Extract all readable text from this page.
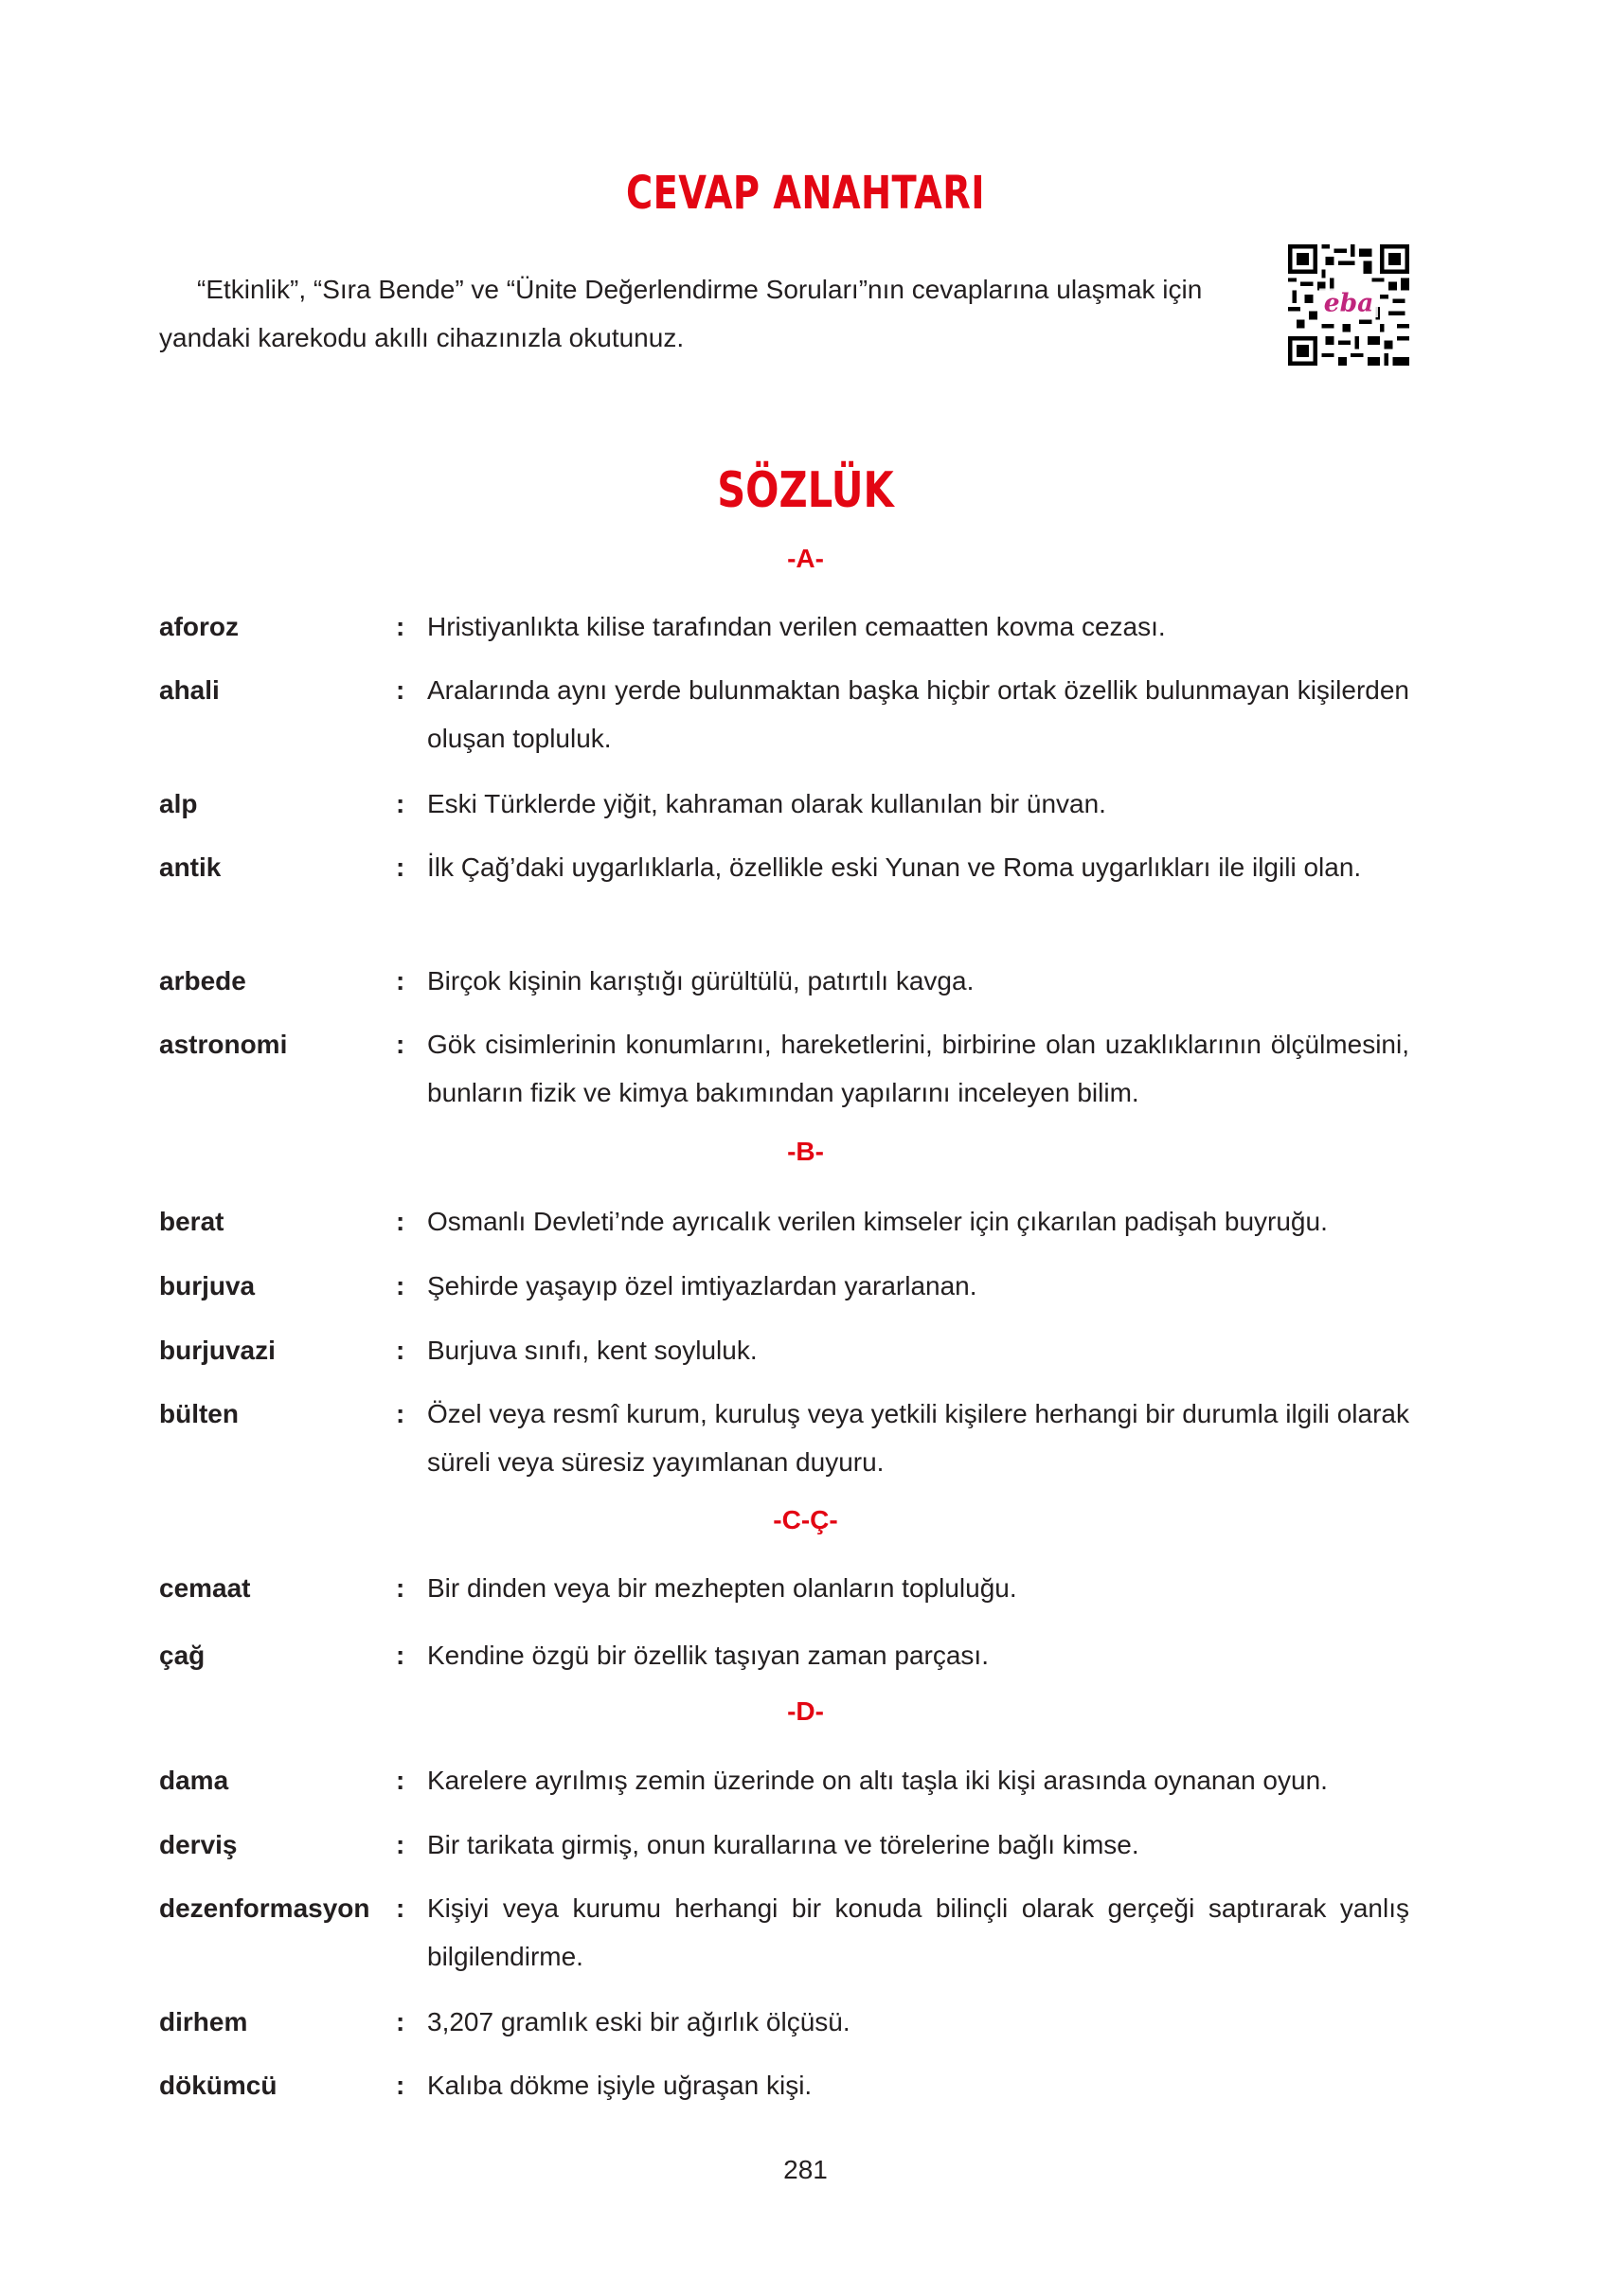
CEVAP ANAHTARI

“Etkinlik”, “Sıra Bende” ve “Ünite Değerlendirme Soruları”nın cevaplarına ulaşmak için yandaki karekodu akıllı cihazınızla okutunuz.

eba
SÖZLÜK
-A-
aforoz	: Hristiyanlıkta kilise tarafından verilen cemaatten kovma cezası.
ahali	: Aralarında aynı yerde bulunmaktan başka hiçbir ortak özellik bulunmayan kişilerden oluşan topluluk.
alp	: Eski Türklerde yiğit, kahraman olarak kullanılan bir ünvan.
antik	: İlk Çağ’daki uygarlıklarla, özellikle eski Yunan ve Roma uygarlıkları ile ilgili olan.
arbede	: Birçok kişinin karıştığı gürültülü, patırtılı kavga.
astronomi	: Gök cisimlerinin konumlarını, hareketlerini, birbirine olan uzaklıklarının ölçülmesini, bunların fizik ve kimya bakımından yapılarını inceleyen bilim.
-B-
berat	: Osmanlı Devleti’nde ayrıcalık verilen kimseler için çıkarılan padişah buyruğu.
burjuva	: Şehirde yaşayıp özel imtiyazlardan yararlanan.
burjuvazi	: Burjuva sınıfı, kent soyluluk.
bülten	: Özel veya resmî kurum, kuruluş veya yetkili kişilere herhangi bir durumla ilgili olarak süreli veya süresiz yayımlanan duyuru.
-C-Ç-
cemaat	: Bir dinden veya bir mezhepten olanların topluluğu.
çağ	: Kendine özgü bir özellik taşıyan zaman parçası.
-D-
dama	: Karelere ayrılmış zemin üzerinde on altı taşla iki kişi arasında oynanan oyun.
derviş	: Bir tarikata girmiş, onun kurallarına ve törelerine bağlı kimse.
dezenformasyon : Kişiyi veya kurumu herhangi bir konuda bilinçli olarak gerçeği saptırarak yanlış bilgilendirme.
dirhem	: 3,207 gramlık eski bir ağırlık ölçüsü.
dökümcü	: Kalıba dökme işiyle uğraşan kişi.
281
